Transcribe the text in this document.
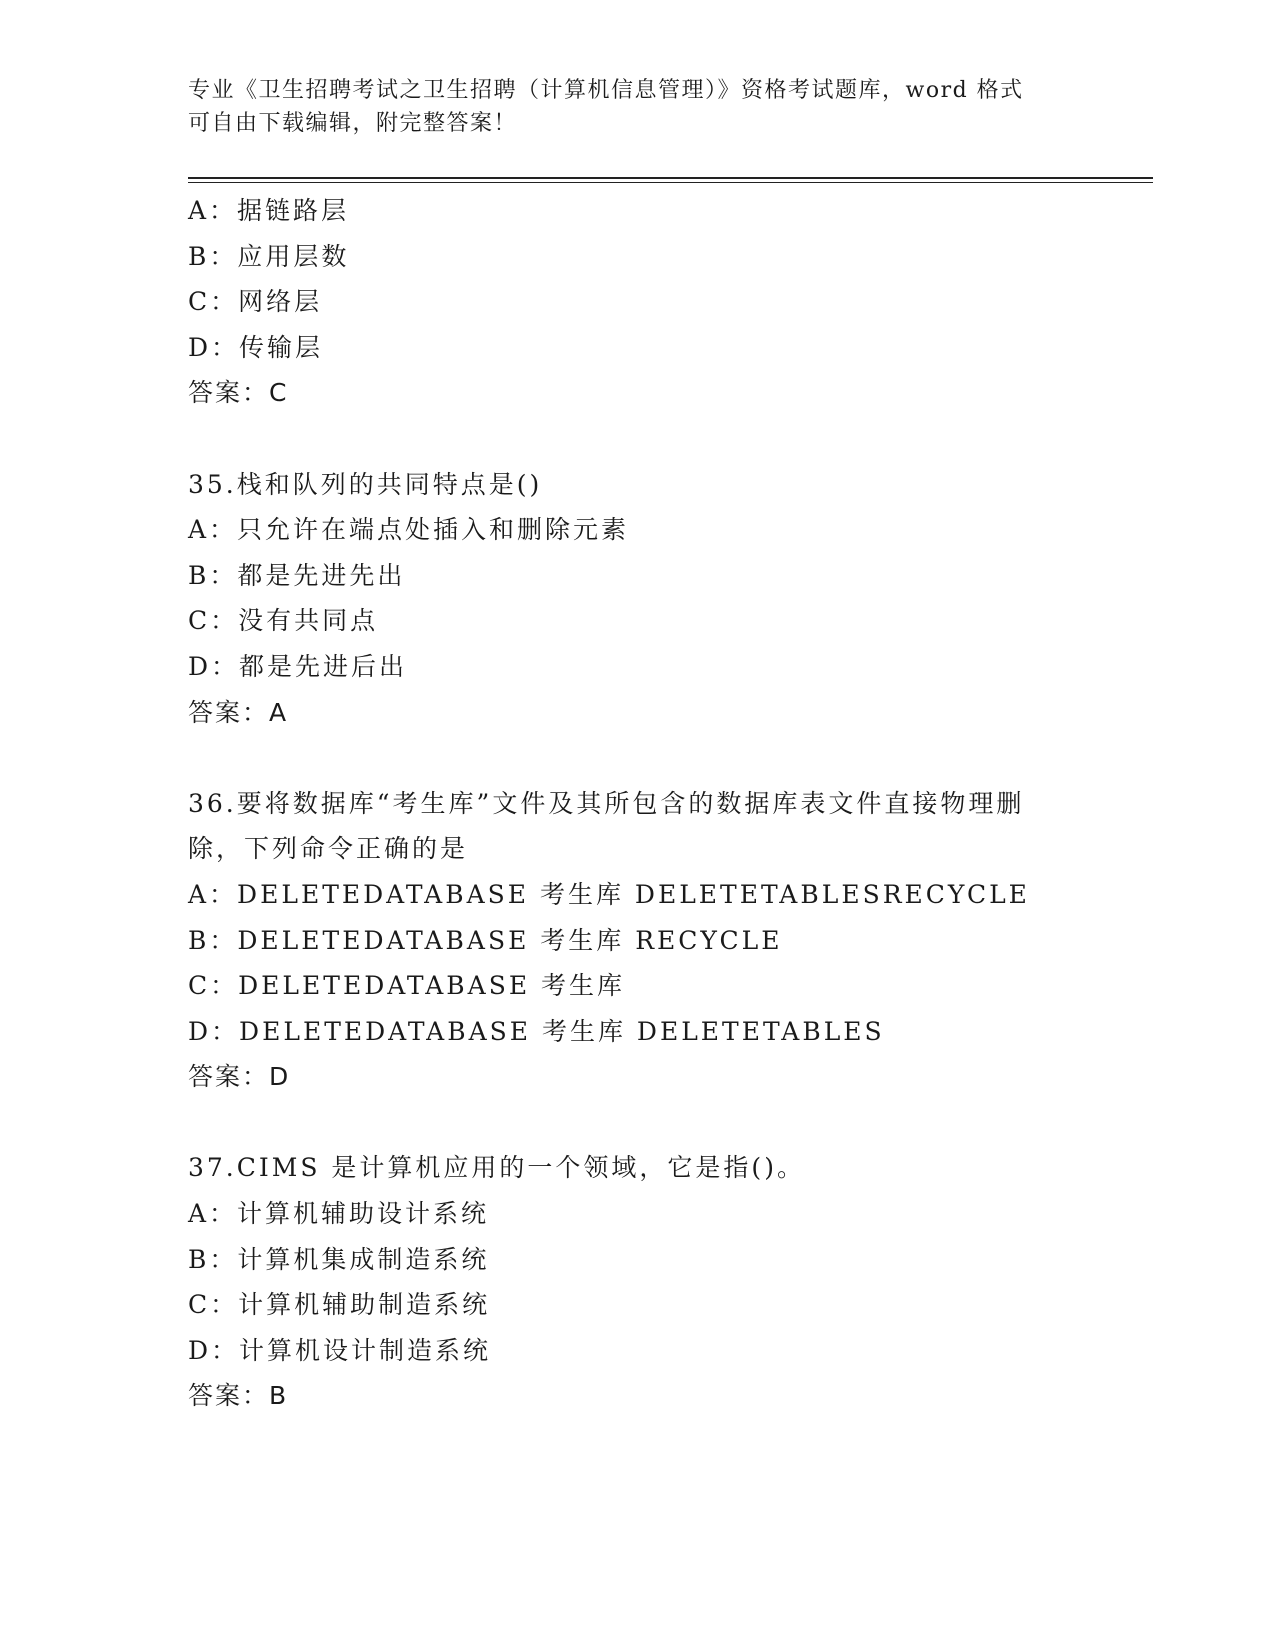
专业《卫生招聘考试之卫生招聘（计算机信息管理）》资格考试题库，word 格式
可自由下载编辑，附完整答案！
A：据链路层
B：应用层数
C：网络层
D：传输层
答案：C
35.栈和队列的共同特点是()
A：只允许在端点处插入和删除元素
B：都是先进先出
C：没有共同点
D：都是先进后出
答案：A
36.要将数据库“考生库”文件及其所包含的数据库表文件直接物理删
除，下列命令正确的是
A：DELETEDATABASE 考生库 DELETETABLESRECYCLE
B：DELETEDATABASE 考生库 RECYCLE
C：DELETEDATABASE 考生库
D：DELETEDATABASE 考生库 DELETETABLES
答案：D
37.CIMS 是计算机应用的一个领域，它是指()。
A：计算机辅助设计系统
B：计算机集成制造系统
C：计算机辅助制造系统
D：计算机设计制造系统
答案：B
